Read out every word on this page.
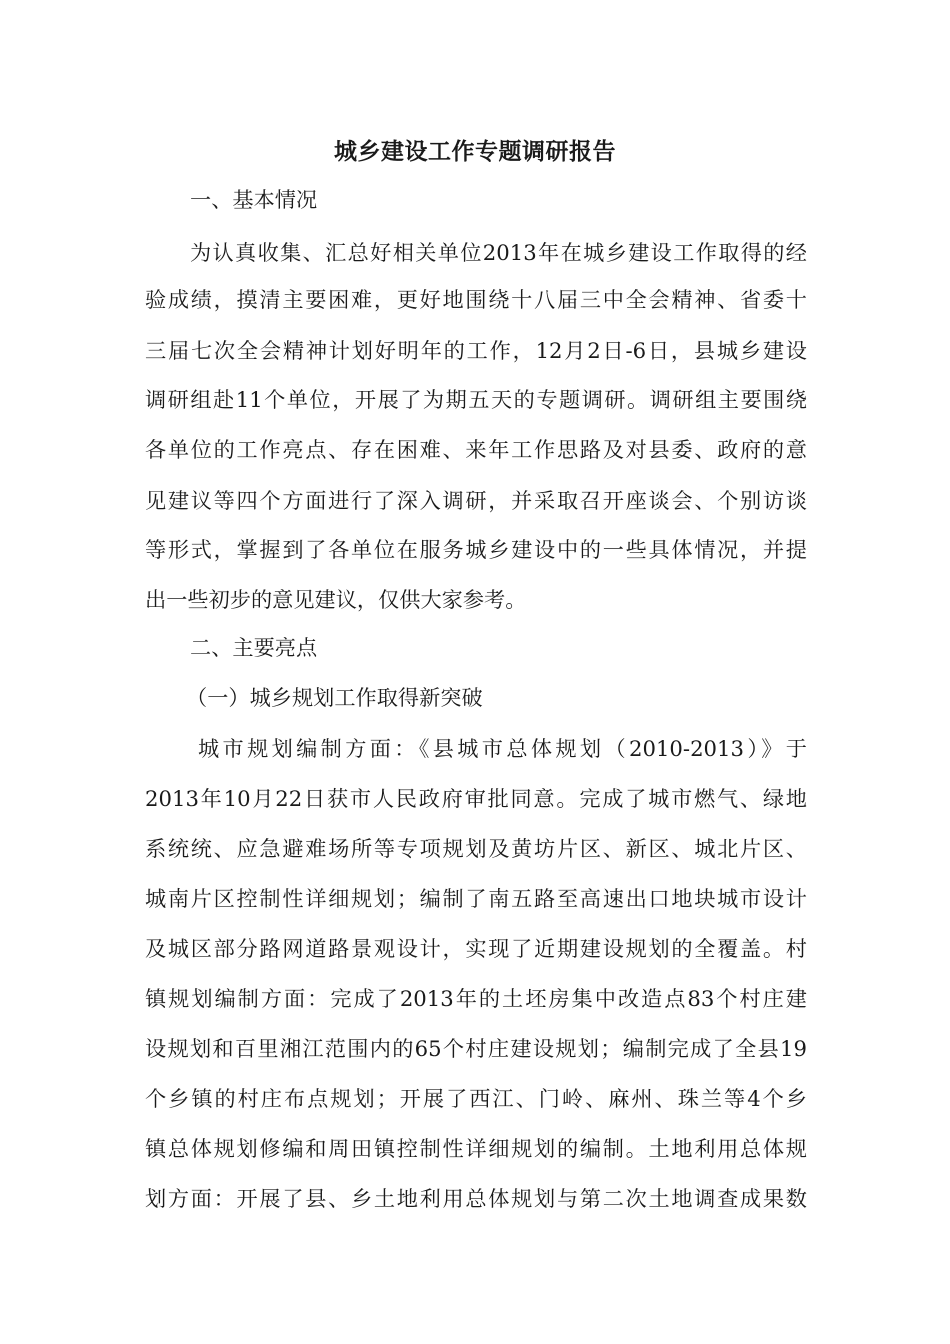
城乡建设工作专题调研报告
一、基本情况
为认真收集、汇总好相关单位2013年在城乡建设工作取得的经
验成绩，摸清主要困难，更好地围绕十八届三中全会精神、省委十
三届七次全会精神计划好明年的工作，12月2日-6日，县城乡建设
调研组赴11个单位，开展了为期五天的专题调研。调研组主要围绕
各单位的工作亮点、存在困难、来年工作思路及对县委、政府的意
见建议等四个方面进行了深入调研，并采取召开座谈会、个别访谈
等形式，掌握到了各单位在服务城乡建设中的一些具体情况，并提
出一些初步的意见建议，仅供大家参考。
二、主要亮点
（一）城乡规划工作取得新突破
城市规划编制方面：《县城市总体规划（2010-2013）》于
2013年10月22日获市人民政府审批同意。完成了城市燃气、绿地
系统统、应急避难场所等专项规划及黄坊片区、新区、城北片区、
城南片区控制性详细规划；编制了南五路至高速出口地块城市设计
及城区部分路网道路景观设计，实现了近期建设规划的全覆盖。村
镇规划编制方面：完成了2013年的土坯房集中改造点83个村庄建
设规划和百里湘江范围内的65个村庄建设规划；编制完成了全县19
个乡镇的村庄布点规划；开展了西江、门岭、麻州、珠兰等4个乡
镇总体规划修编和周田镇控制性详细规划的编制。土地利用总体规
划方面：开展了县、乡土地利用总体规划与第二次土地调查成果数
